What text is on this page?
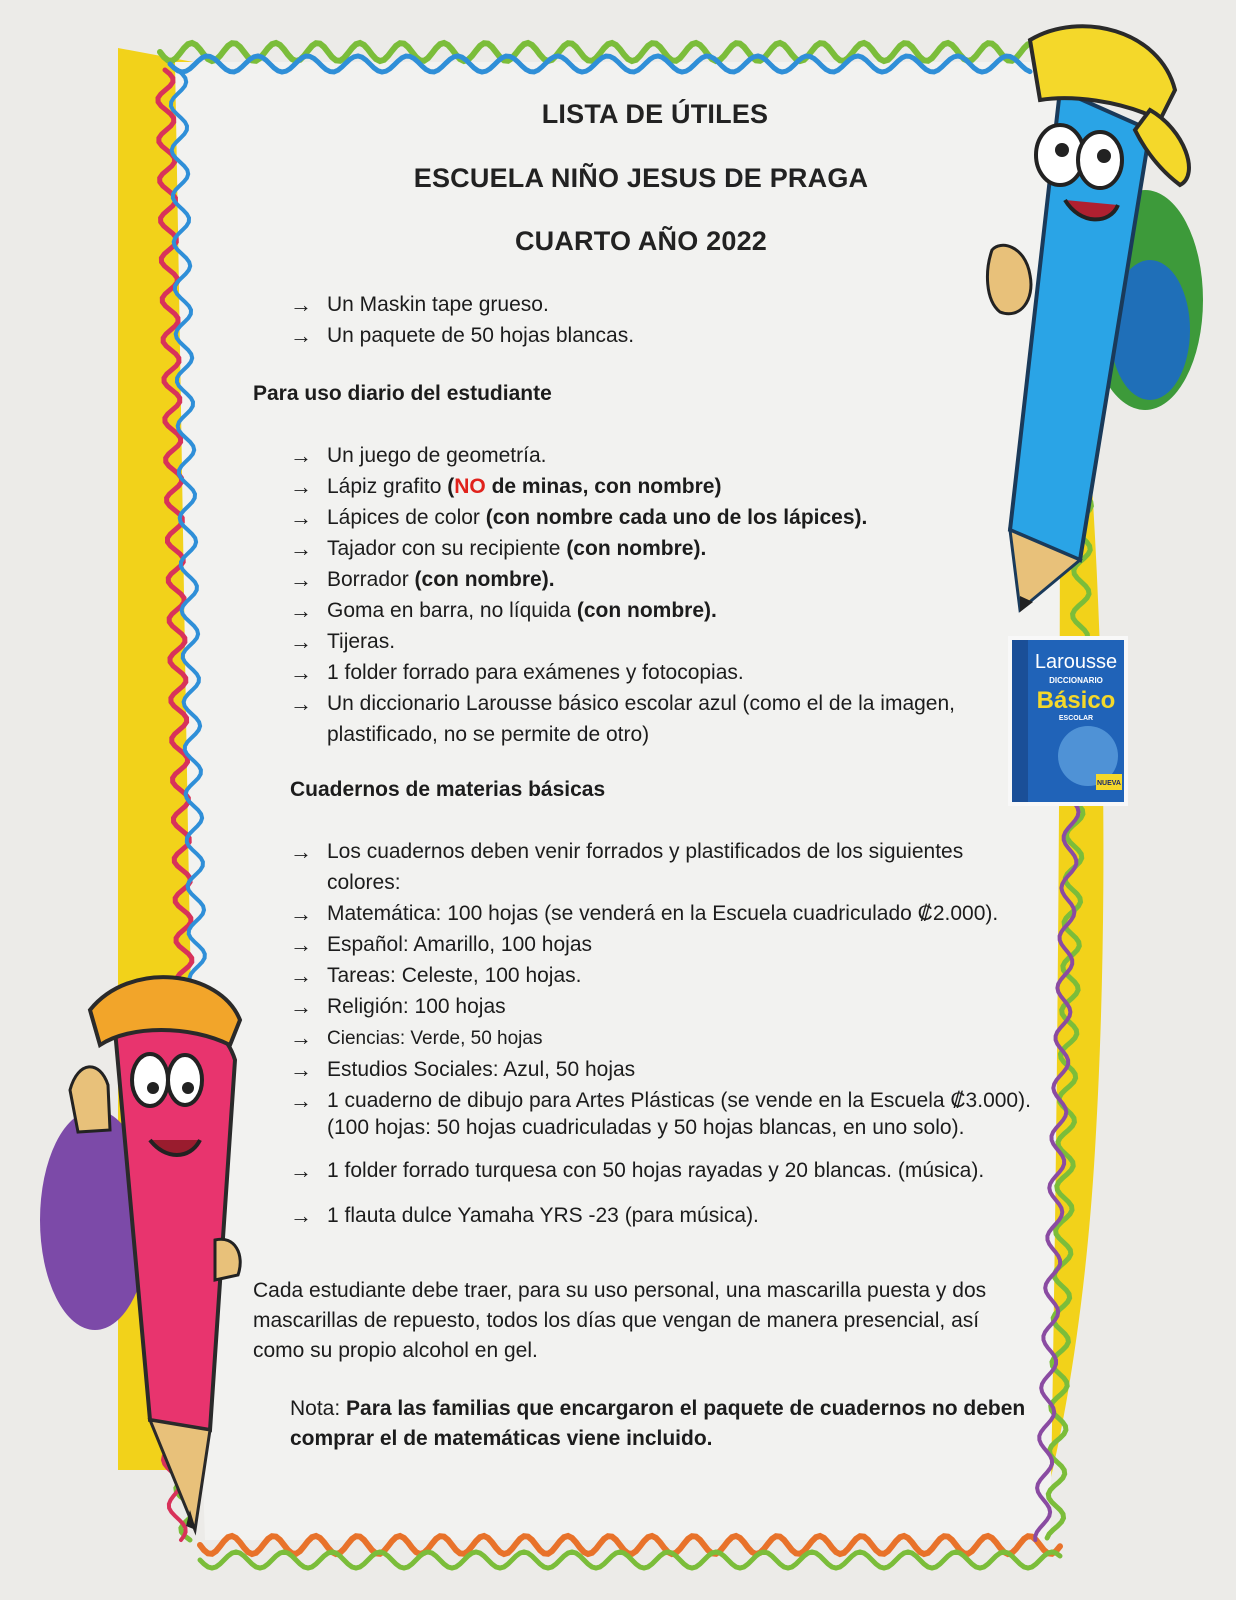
Larousse
DICCIONARIO
Básico
ESCOLAR
NUEVA
LISTA DE ÚTILES
ESCUELA NIÑO JESUS DE PRAGA
CUARTO AÑO 2022
→ Un Maskin tape grueso.
→ Un paquete de 50 hojas blancas.
Para uso diario del estudiante
→ Un juego de geometría.
→ Lápiz grafito (NO de minas, con nombre)
→ Lápices de color (con nombre cada uno de los lápices).
→ Tajador con su recipiente (con nombre).
→ Borrador (con nombre).
→ Goma en barra, no líquida (con nombre).
→ Tijeras.
→ 1 folder forrado para exámenes y fotocopias.
→ Un diccionario Larousse básico escolar azul (como el de la imagen, plastificado, no se permite de otro)
Cuadernos de materias básicas
→ Los cuadernos deben venir forrados y plastificados de los siguientes colores:
→ Matemática: 100 hojas (se venderá en la Escuela cuadriculado ₡2.000).
→ Español: Amarillo, 100 hojas
→ Tareas: Celeste, 100 hojas.
→ Religión: 100 hojas
→ Ciencias: Verde, 50 hojas
→ Estudios Sociales: Azul, 50 hojas
→ 1 cuaderno de dibujo para Artes Plásticas (se vende en la Escuela ₡3.000). (100 hojas: 50 hojas cuadriculadas y 50 hojas blancas, en uno solo).
→ 1 folder forrado turquesa con 50 hojas rayadas y 20 blancas. (música).
→ 1 flauta dulce Yamaha YRS -23 (para música).

Cada estudiante debe traer, para su uso personal, una mascarilla puesta y dos mascarillas de repuesto, todos los días que vengan de manera presencial, así como su propio alcohol en gel.

Nota: Para las familias que encargaron el paquete de cuadernos no deben comprar el de matemáticas viene incluido.
